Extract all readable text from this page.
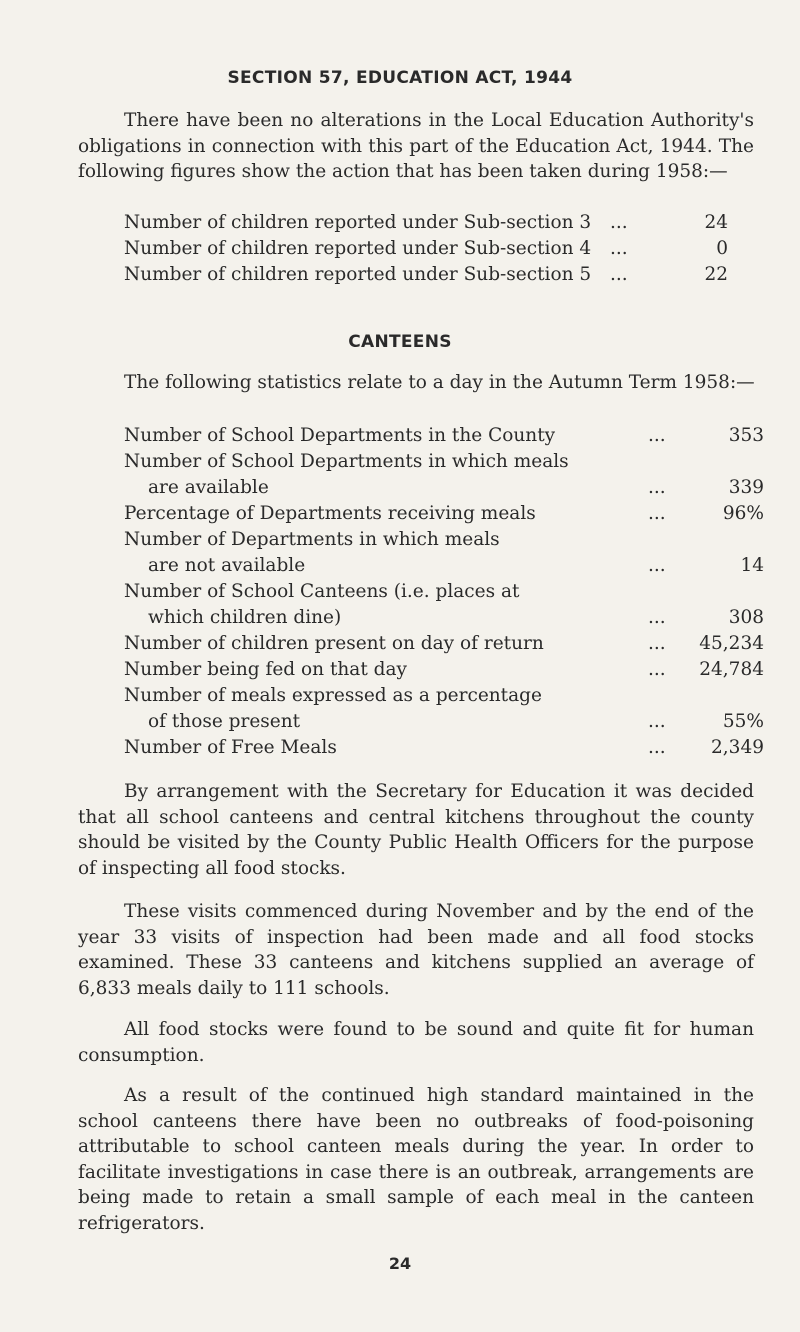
SECTION 57, EDUCATION ACT, 1944

There have been no alterations in the Local Education Authority's obligations in connection with this part of the Education Act, 1944. The following figures show the action that has been taken during 1958:—

Number of children reported under Sub-section 3 ...	24
Number of children reported under Sub-section 4 ...	0
Number of children reported under Sub-section 5 ...	22
CANTEENS

The following statistics relate to a day in the Autumn Term 1958:—

Number of School Departments in the County	...	353
Number of School Departments in which meals
are available	...	339
Percentage of Departments receiving meals	...	96%
Number of Departments in which meals
are not available	...	14
Number of School Canteens (i.e. places at
which children dine)	...	308
Number of children present on day of return	... 45,234
Number being fed on that day	... 24,784
Number of meals expressed as a percentage
of those present	...	55%
Number of Free Meals	... 2,349

By arrangement with the Secretary for Education it was decided that all school canteens and central kitchens throughout the county should be visited by the County Public Health Officers for the purpose of inspecting all food stocks.

These visits commenced during November and by the end of the year 33 visits of inspection had been made and all food stocks examined. These 33 canteens and kitchens supplied an average of 6,833 meals daily to 111 schools.

All food stocks were found to be sound and quite fit for human consumption.

As a result of the continued high standard maintained in the school canteens there have been no outbreaks of food-poisoning attributable to school canteen meals during the year. In order to facilitate investigations in case there is an outbreak, arrangements are being made to retain a small sample of each meal in the canteen refrigerators.

24
